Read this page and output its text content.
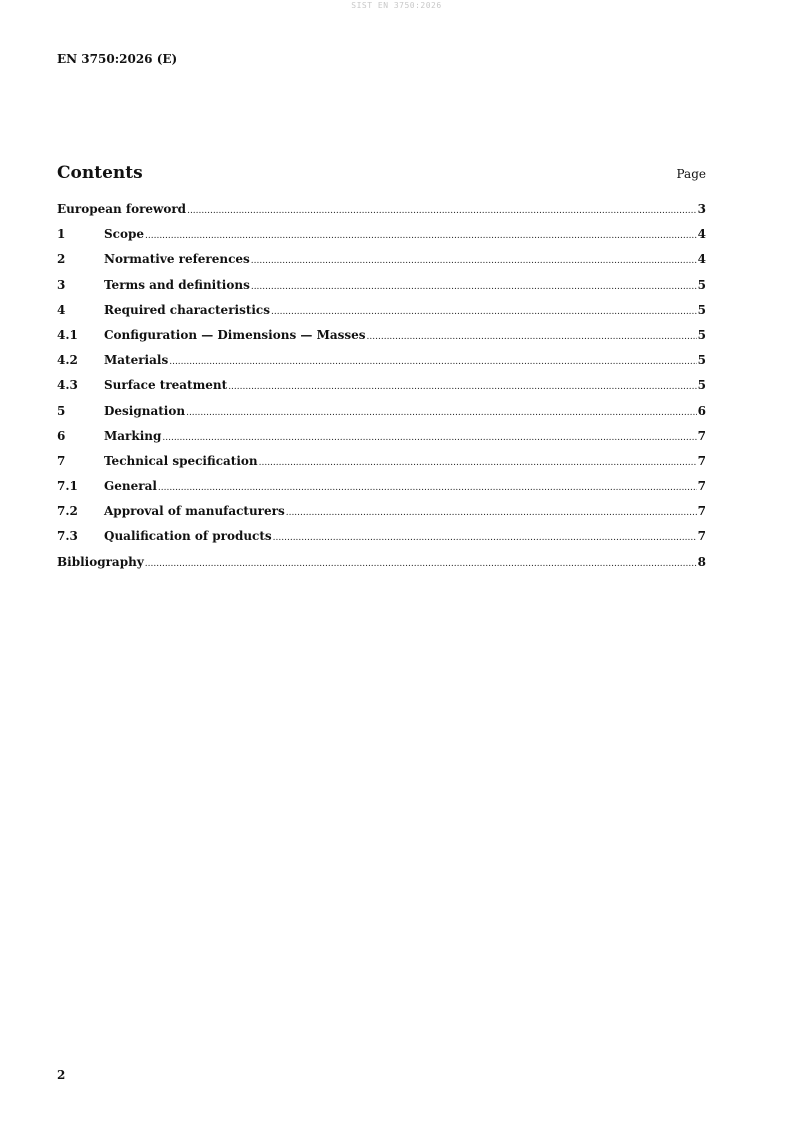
SIST EN 3750:2026
EN 3750:2026 (E)
Contents	Page
European foreword .....	3
1	Scope .....	4
2	Normative references .....	4
3	Terms and definitions .....	5
4	Required characteristics .....	5
4.1	Configuration — Dimensions — Masses .....	5
4.2	Materials .....	5
4.3	Surface treatment .....	5
5	Designation .....	6
6	Marking .....	7
7	Technical specification .....	7
7.1	General .....	7
7.2	Approval of manufacturers .....	7
7.3	Qualification of products .....	7
Bibliography .....	8
2
